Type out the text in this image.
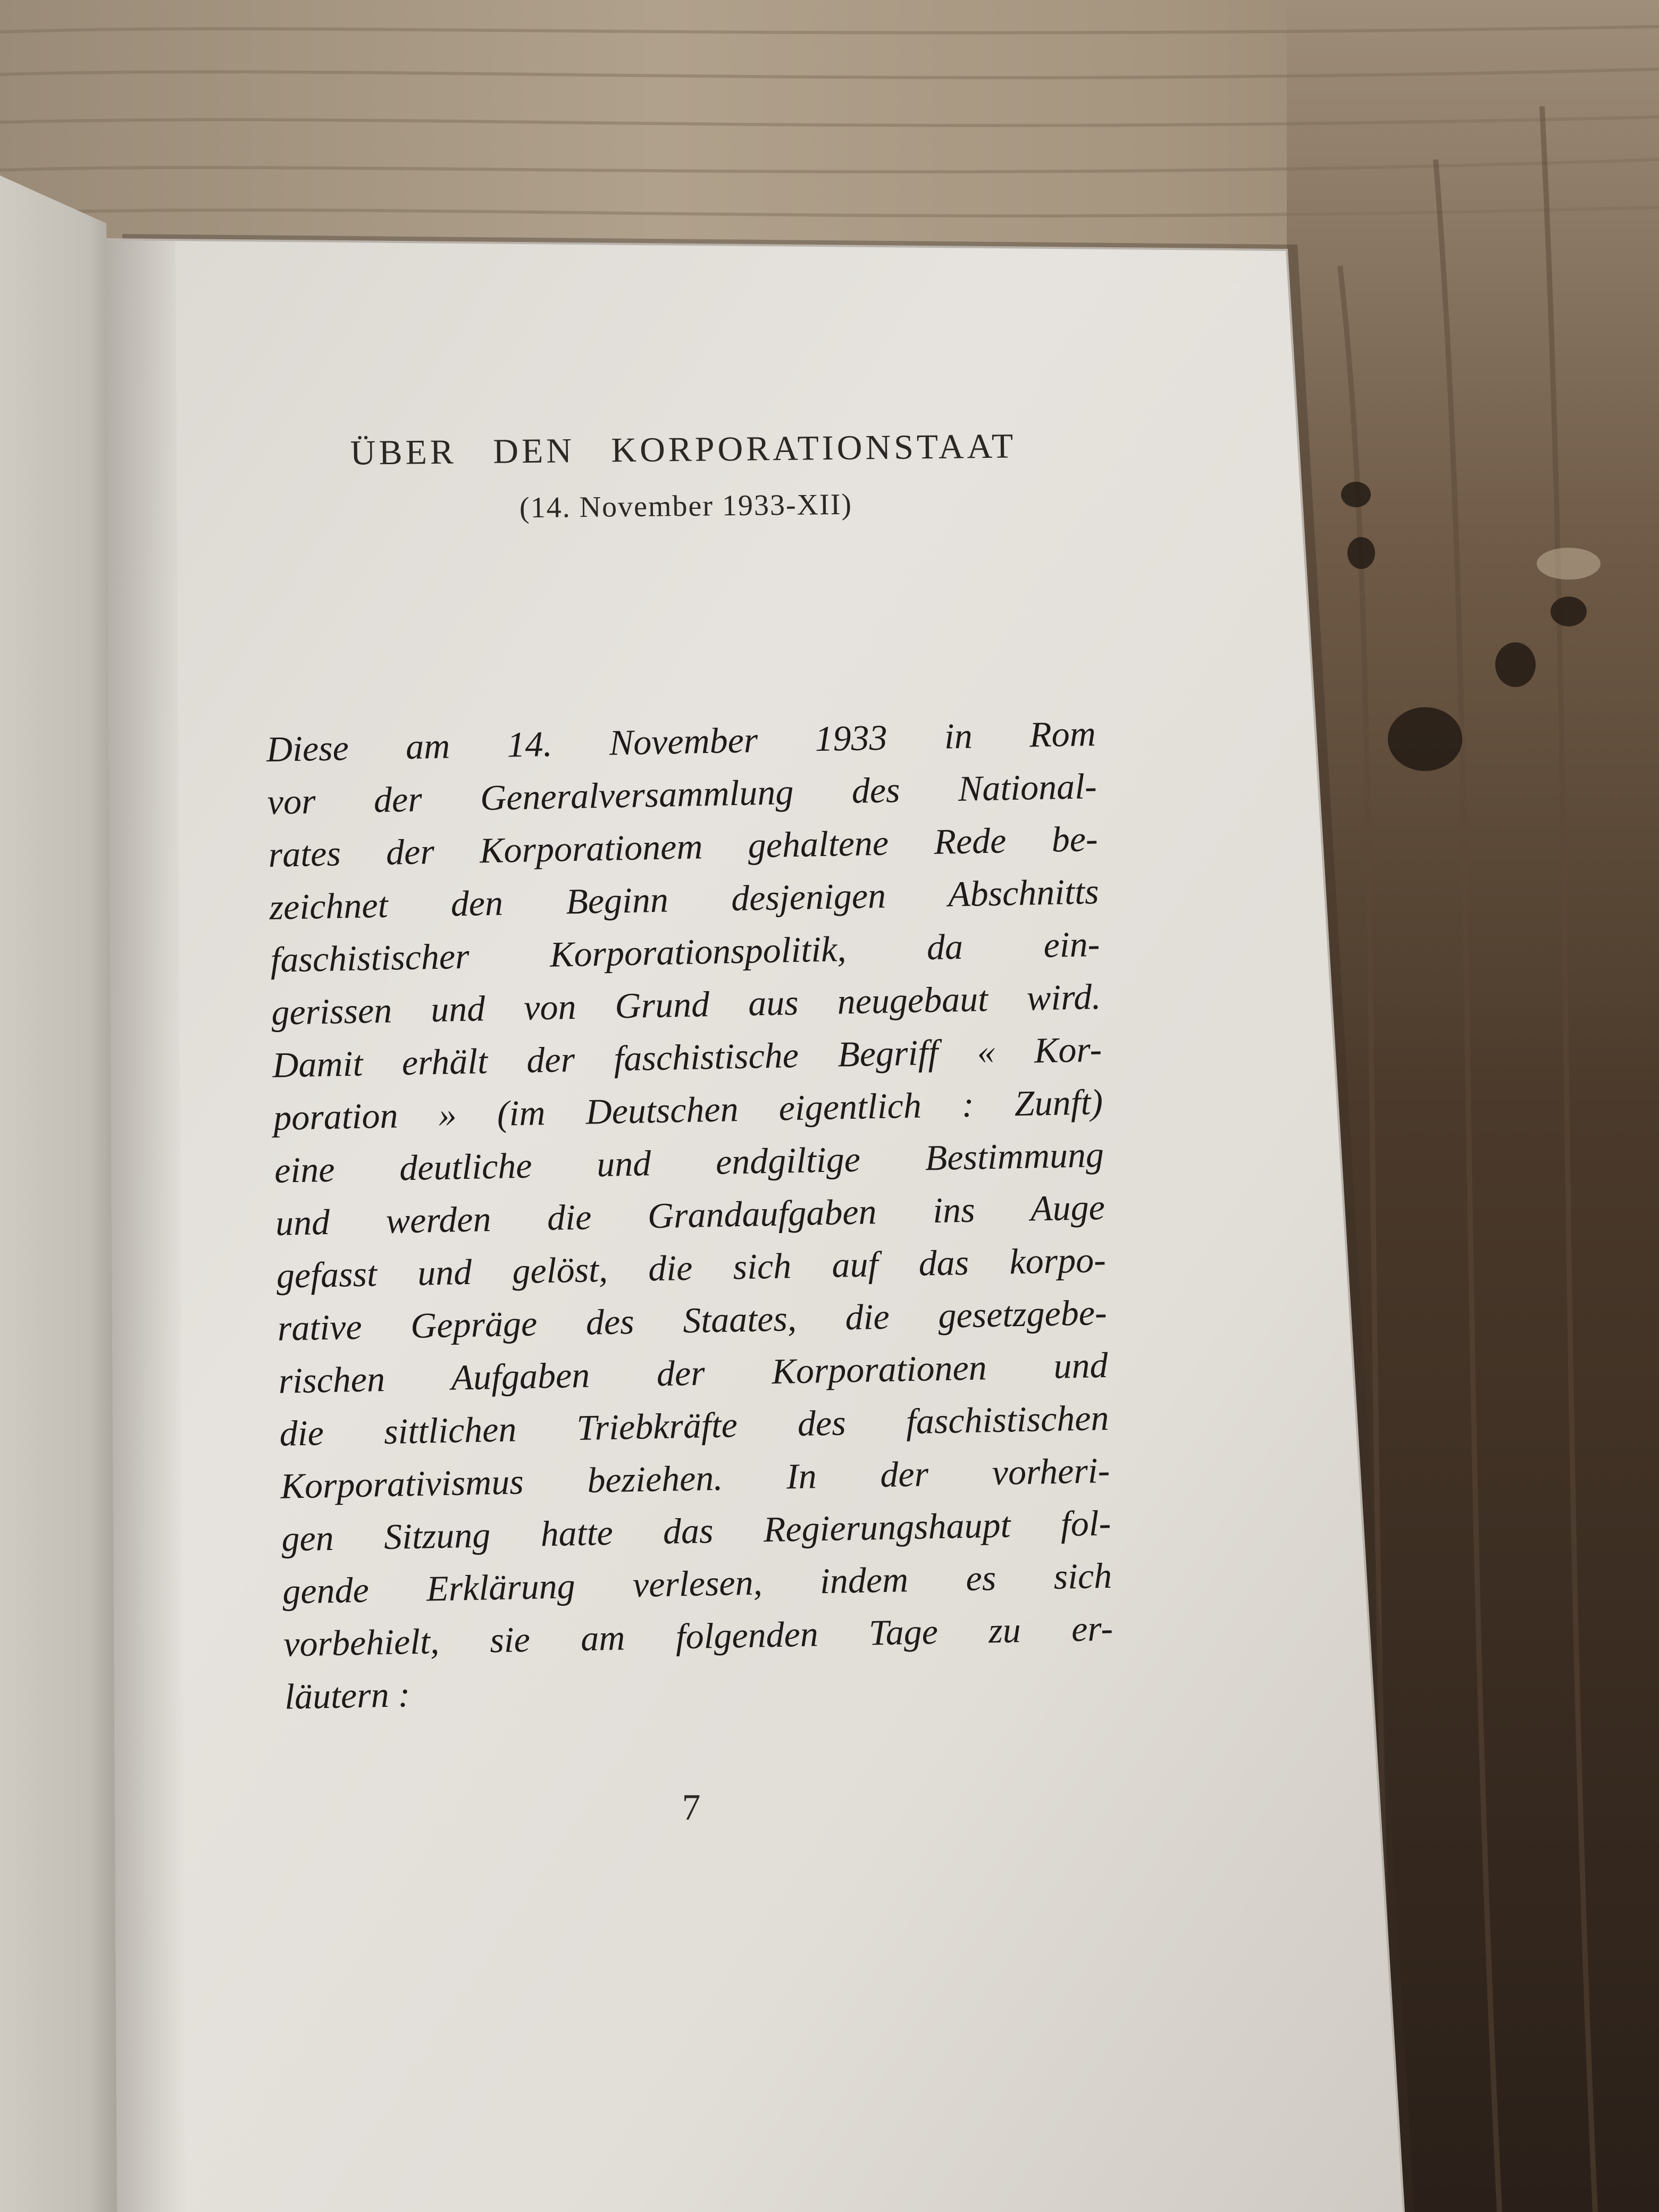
ÜBER DEN KORPORATIONSTAAT
(14. November 1933-XII)
Diese am 14. November 1933 in Rom
vor der Generalversammlung des National-
rates der Korporationem gehaltene Rede be-
zeichnet den Beginn desjenigen Abschnitts
faschistischer Korporationspolitik, da ein-
gerissen und von Grund aus neugebaut wird.
Damit erhält der faschistische Begriff « Kor-
poration » (im Deutschen eigentlich : Zunft)
eine deutliche und endgiltige Bestimmung
und werden die Grandaufgaben ins Auge
gefasst und gelöst, die sich auf das korpo-
rative Gepräge des Staates, die gesetzgebe-
rischen Aufgaben der Korporationen und
die sittlichen Triebkräfte des faschistischen
Korporativismus beziehen. In der vorheri-
gen Sitzung hatte das Regierungshaupt fol-
gende Erklärung verlesen, indem es sich
vorbehielt, sie am folgenden Tage zu er-
läutern :
7
